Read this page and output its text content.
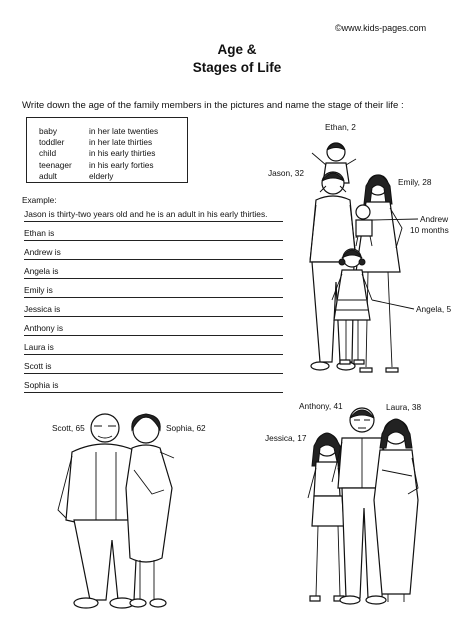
©www.kids-pages.com
Age &
Stages of Life
Write down the age of the family members in the pictures and name the stage of their life :
baby
toddler
child
teenager
adult
in her late twenties
in her late thirties
in his early thirties
in his early forties
elderly
Example:
Jason is thirty-two years old and he is an adult in his early thirties.
Ethan is
Andrew is
Angela is
Emily is
Jessica is
Anthony is
Laura is
Scott is
Sophia is
Ethan, 2
Jason, 32
Emily, 28
Andrew
10 months
Angela, 5
Scott, 65	Sophia, 62
Anthony, 41	Laura, 38
Jessica, 17
